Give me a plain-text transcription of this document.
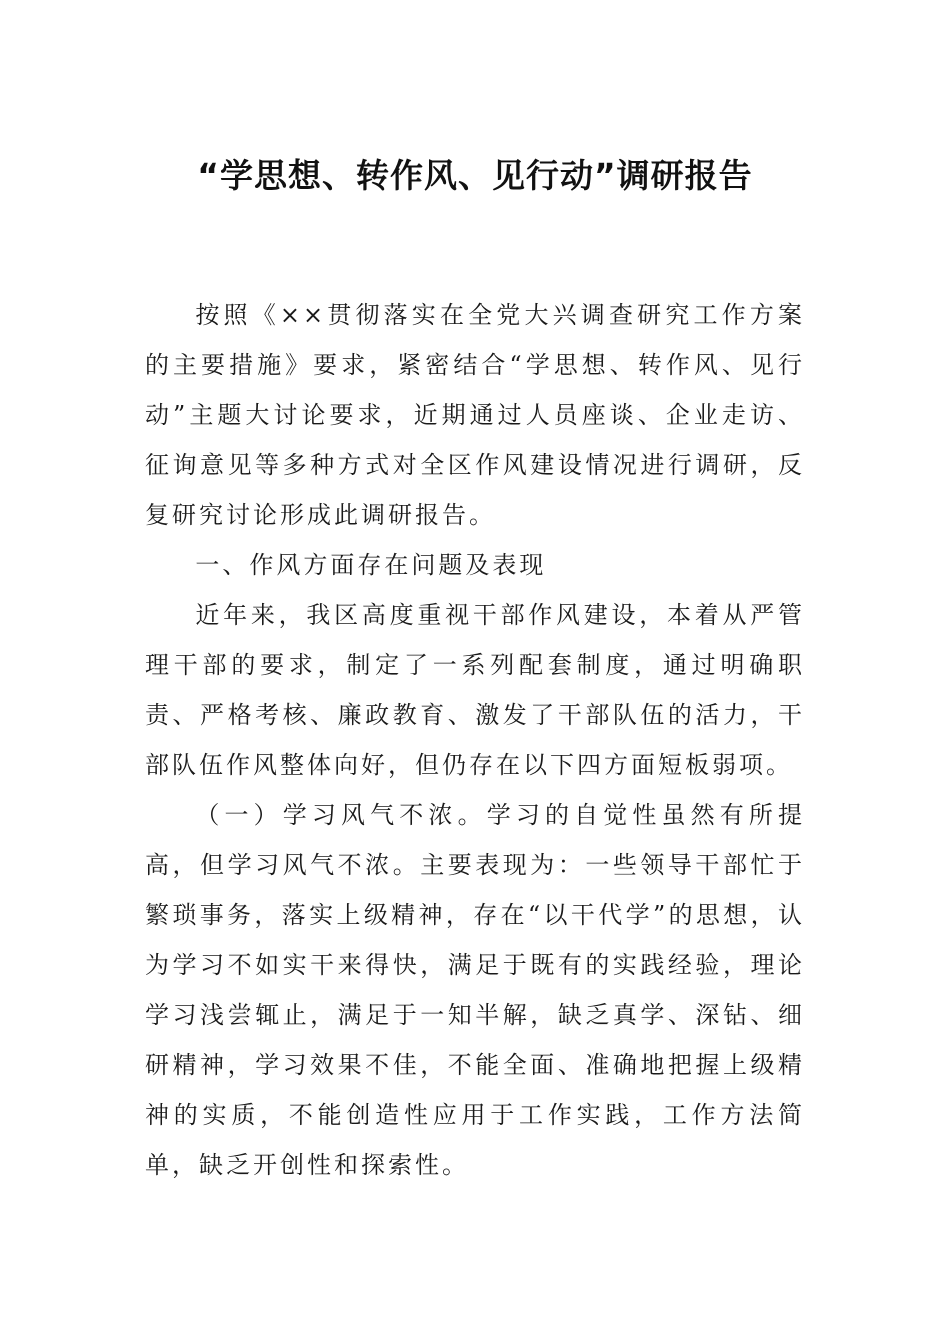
“学思想、转作风、见行动”调研报告

按照《××贯彻落实在全党大兴调查研究工作方案的主要措施》要求，紧密结合“学思想、转作风、见行动”主题大讨论要求，近期通过人员座谈、企业走访、征询意见等多种方式对全区作风建设情况进行调研，反复研究讨论形成此调研报告。

一、作风方面存在问题及表现

近年来，我区高度重视干部作风建设，本着从严管理干部的要求，制定了一系列配套制度，通过明确职责、严格考核、廉政教育、激发了干部队伍的活力，干部队伍作风整体向好，但仍存在以下四方面短板弱项。

（一）学习风气不浓。学习的自觉性虽然有所提高，但学习风气不浓。主要表现为：一些领导干部忙于繁琐事务，落实上级精神，存在“以干代学”的思想，认为学习不如实干来得快，满足于既有的实践经验，理论学习浅尝辄止，满足于一知半解，缺乏真学、深钻、细研精神，学习效果不佳，不能全面、准确地把握上级精神的实质，不能创造性应用于工作实践，工作方法简单，缺乏开创性和探索性。
